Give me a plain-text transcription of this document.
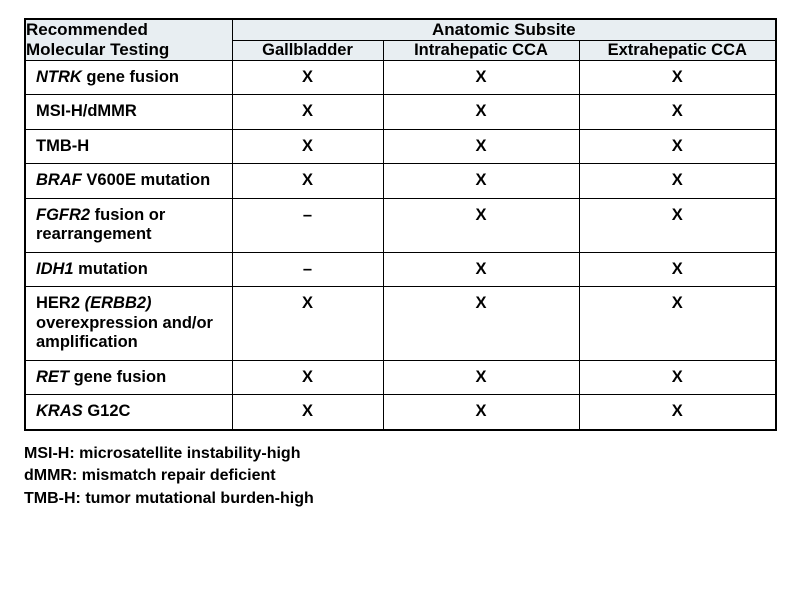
Recommended
Molecular Testing	Anatomic Subsite		
	Gallbladder	Intrahepatic CCA	Extrahepatic CCA
NTRK gene fusion	X	X	X
MSI-H/dMMR	X	X	X
TMB-H	X	X	X
BRAF V600E mutation	X	X	X
FGFR2 fusion or rearrangement	–	X	X
IDH1 mutation	–	X	X
HER2 (ERBB2) overexpression and/or amplification	X	X	X
RET gene fusion	X	X	X
KRAS G12C	X	X	X
MSI-H: microsatellite instability-high
dMMR: mismatch repair deficient
TMB-H: tumor mutational burden-high
